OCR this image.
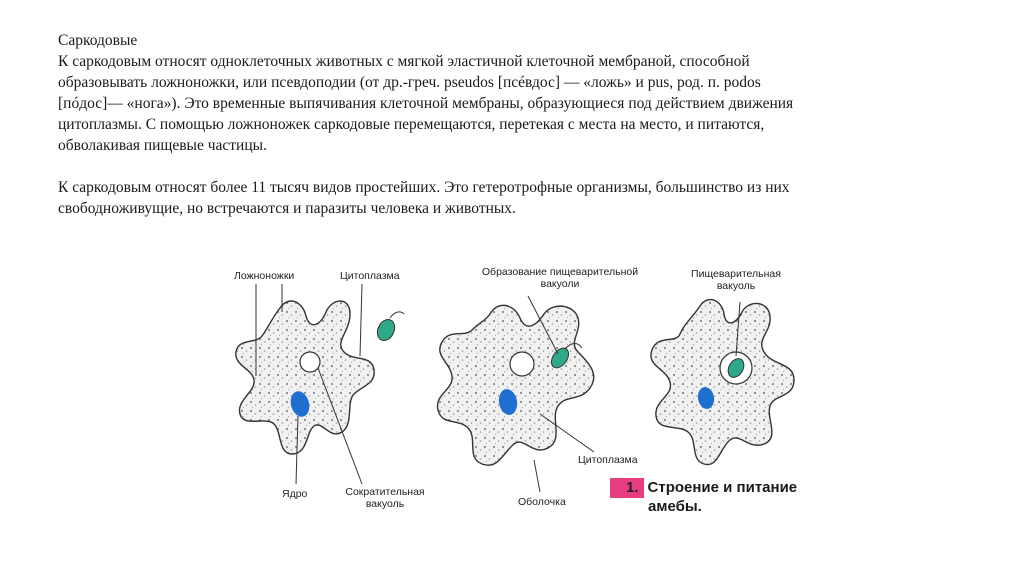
Саркодовые

К саркодовым относят одноклеточных животных с мягкой эластичной клеточной мембраной, способной

образовывать ложноножки, или псевдоподии (от др.-греч. pseudos [псéвдос] — «ложь» и pus, род. п. podos

[пóдос]— «нога»). Это временные выпячивания клеточной мембраны, образующиеся под действием движения

цитоплазмы. С помощью ложноножек саркодовые перемещаются, перетекая с места на место, и питаются,

обволакивая пищевые частицы.

К саркодовым относят более 11 тысяч видов простейших. Это гетеротрофные организмы, большинство из них

свободноживущие, но встречаются и паразиты человека и животных.

Ложноножки	Цитоплазма	Образование пищеварительной
вакуоли
Пищеварительная
вакуоль
Ядро	Сократительная
вакуоль
Цитоплазма
Оболочка
1. Строение и питание
амебы.
